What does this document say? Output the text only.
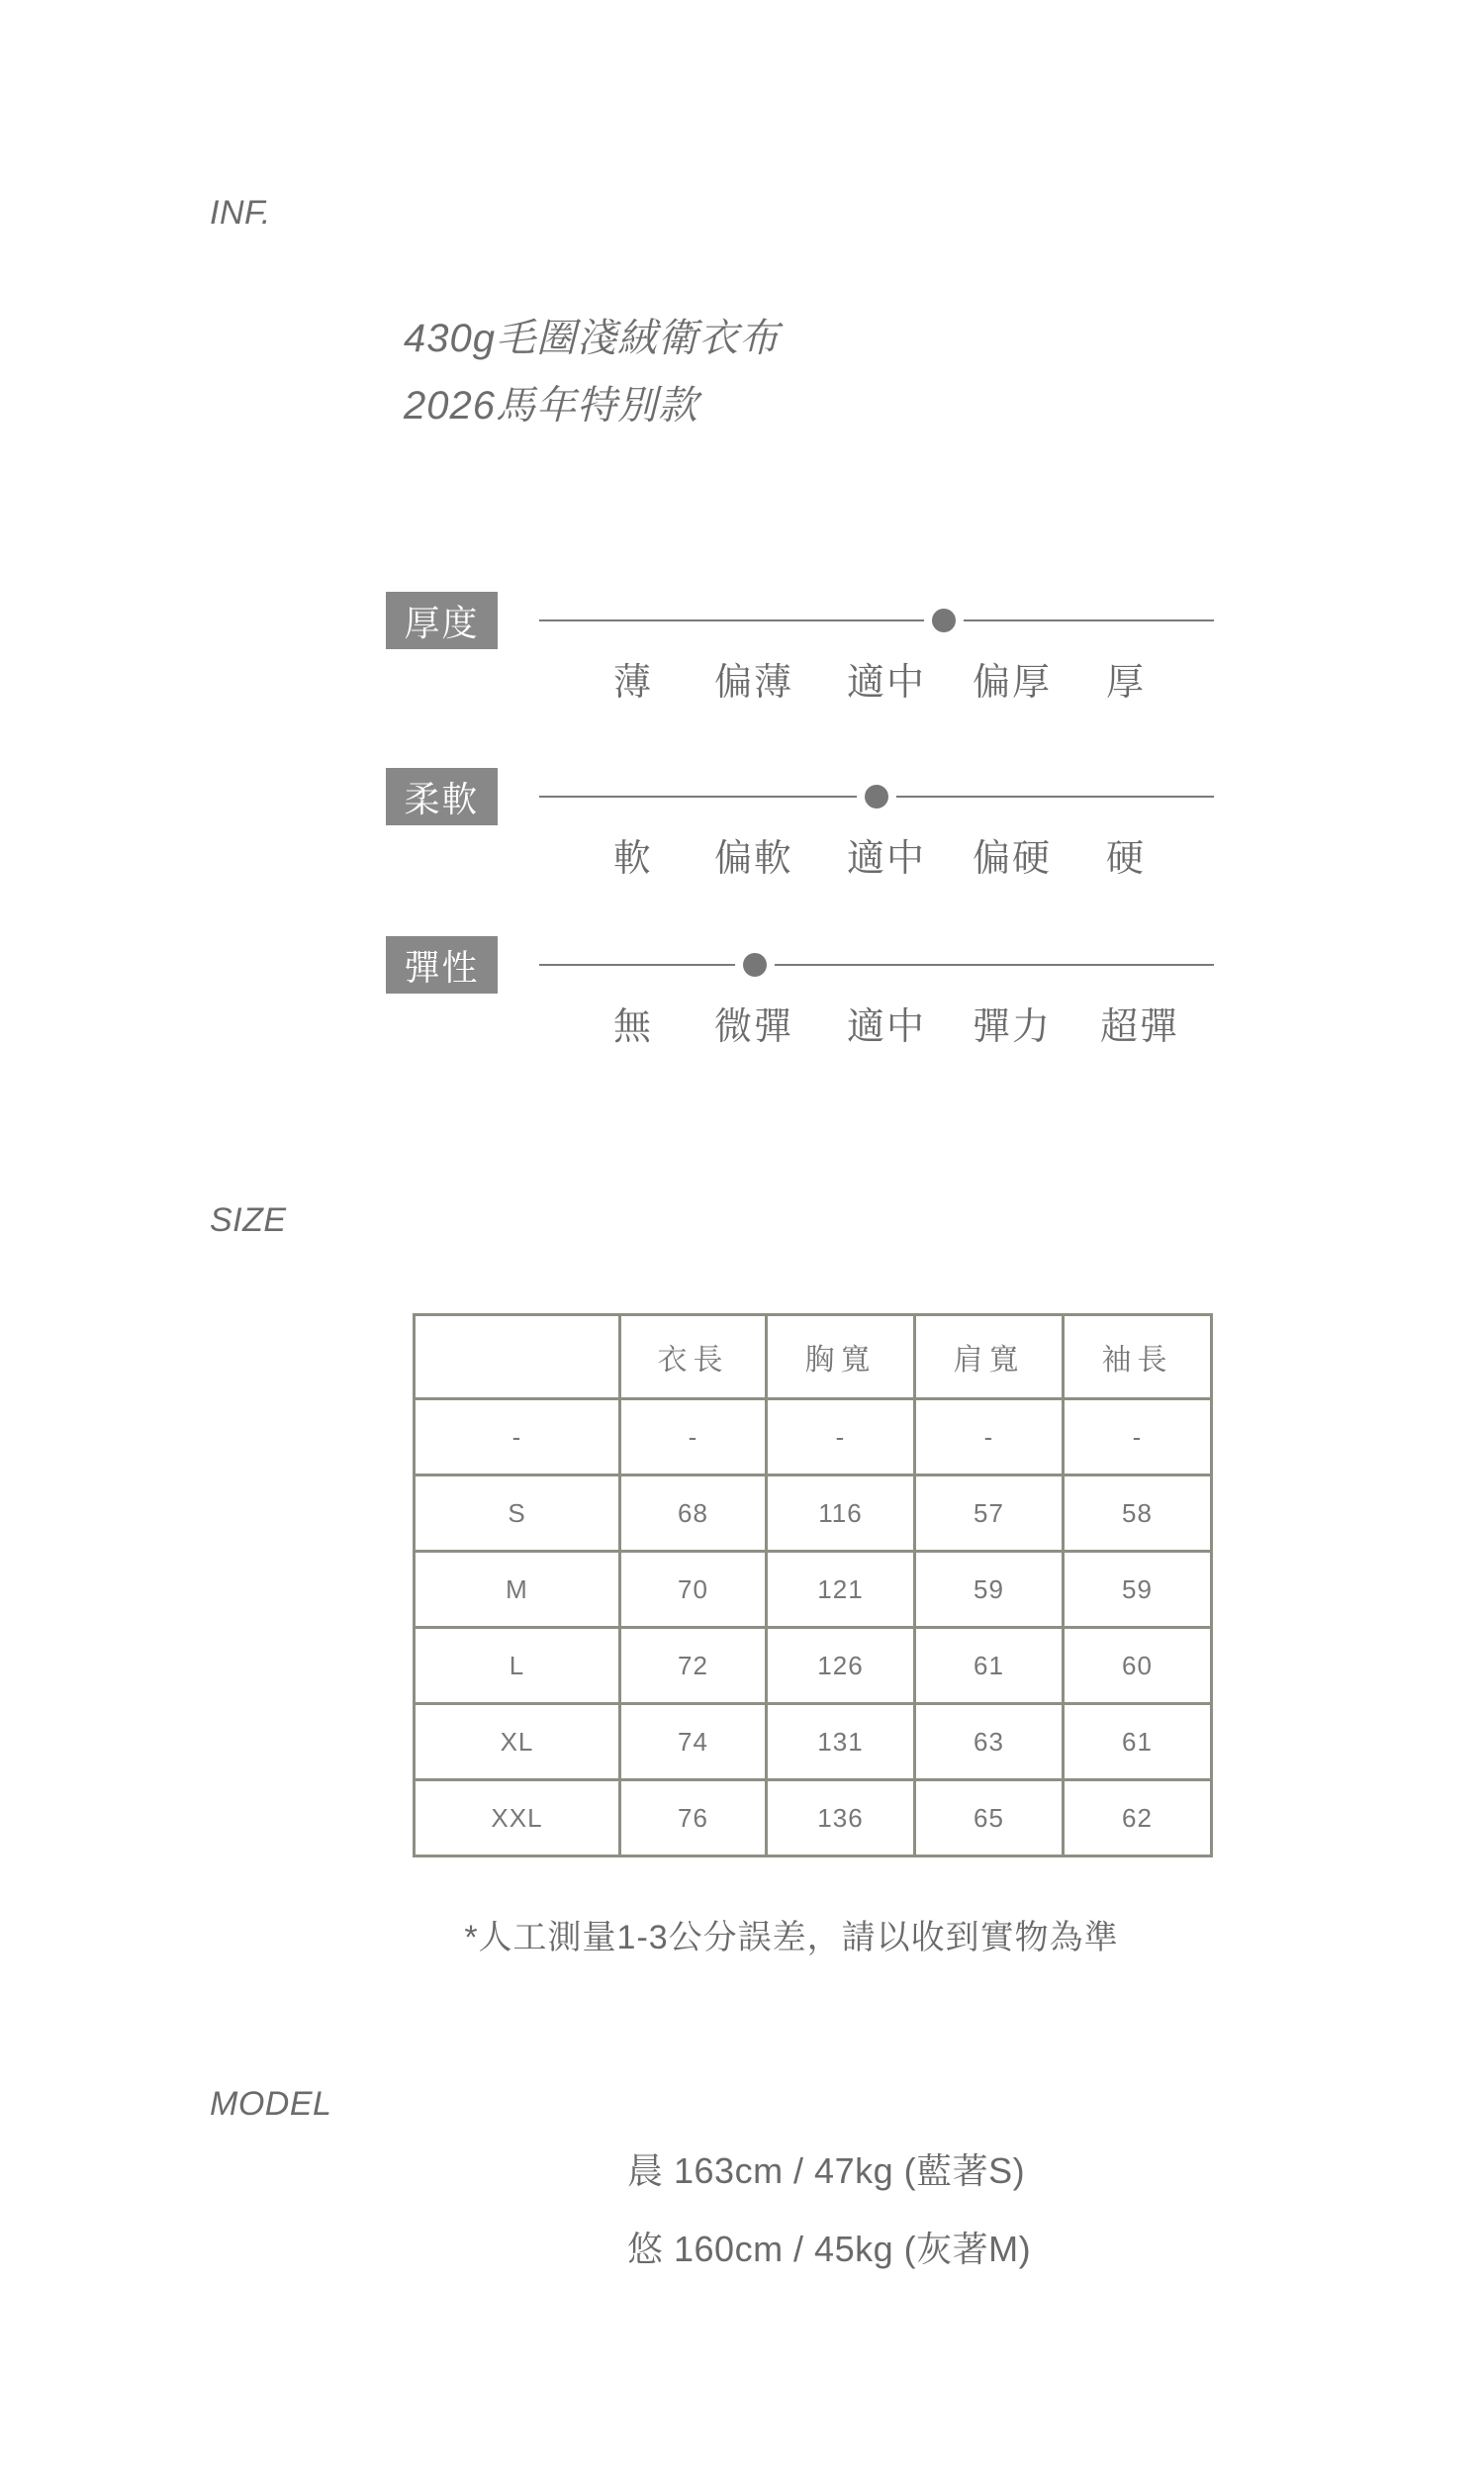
INF.
430g毛圈淺絨衛衣布
2026馬年特別款
厚度
薄 偏薄 適中 偏厚 厚
柔軟
軟 偏軟 適中 偏硬 硬
彈性
無 微彈 適中 彈力 超彈
SIZE
	衣長	胸寬	肩寬	袖長
-	-	-	-	-
S	68	116	57	58
M	70	121	59	59
L	72	126	61	60
XL	74	131	63	61
XXL	76	136	65	62
*人工測量1-3公分誤差，請以收到實物為準
MODEL
晨 163cm / 47kg (藍著S)
悠 160cm / 45kg (灰著M)
